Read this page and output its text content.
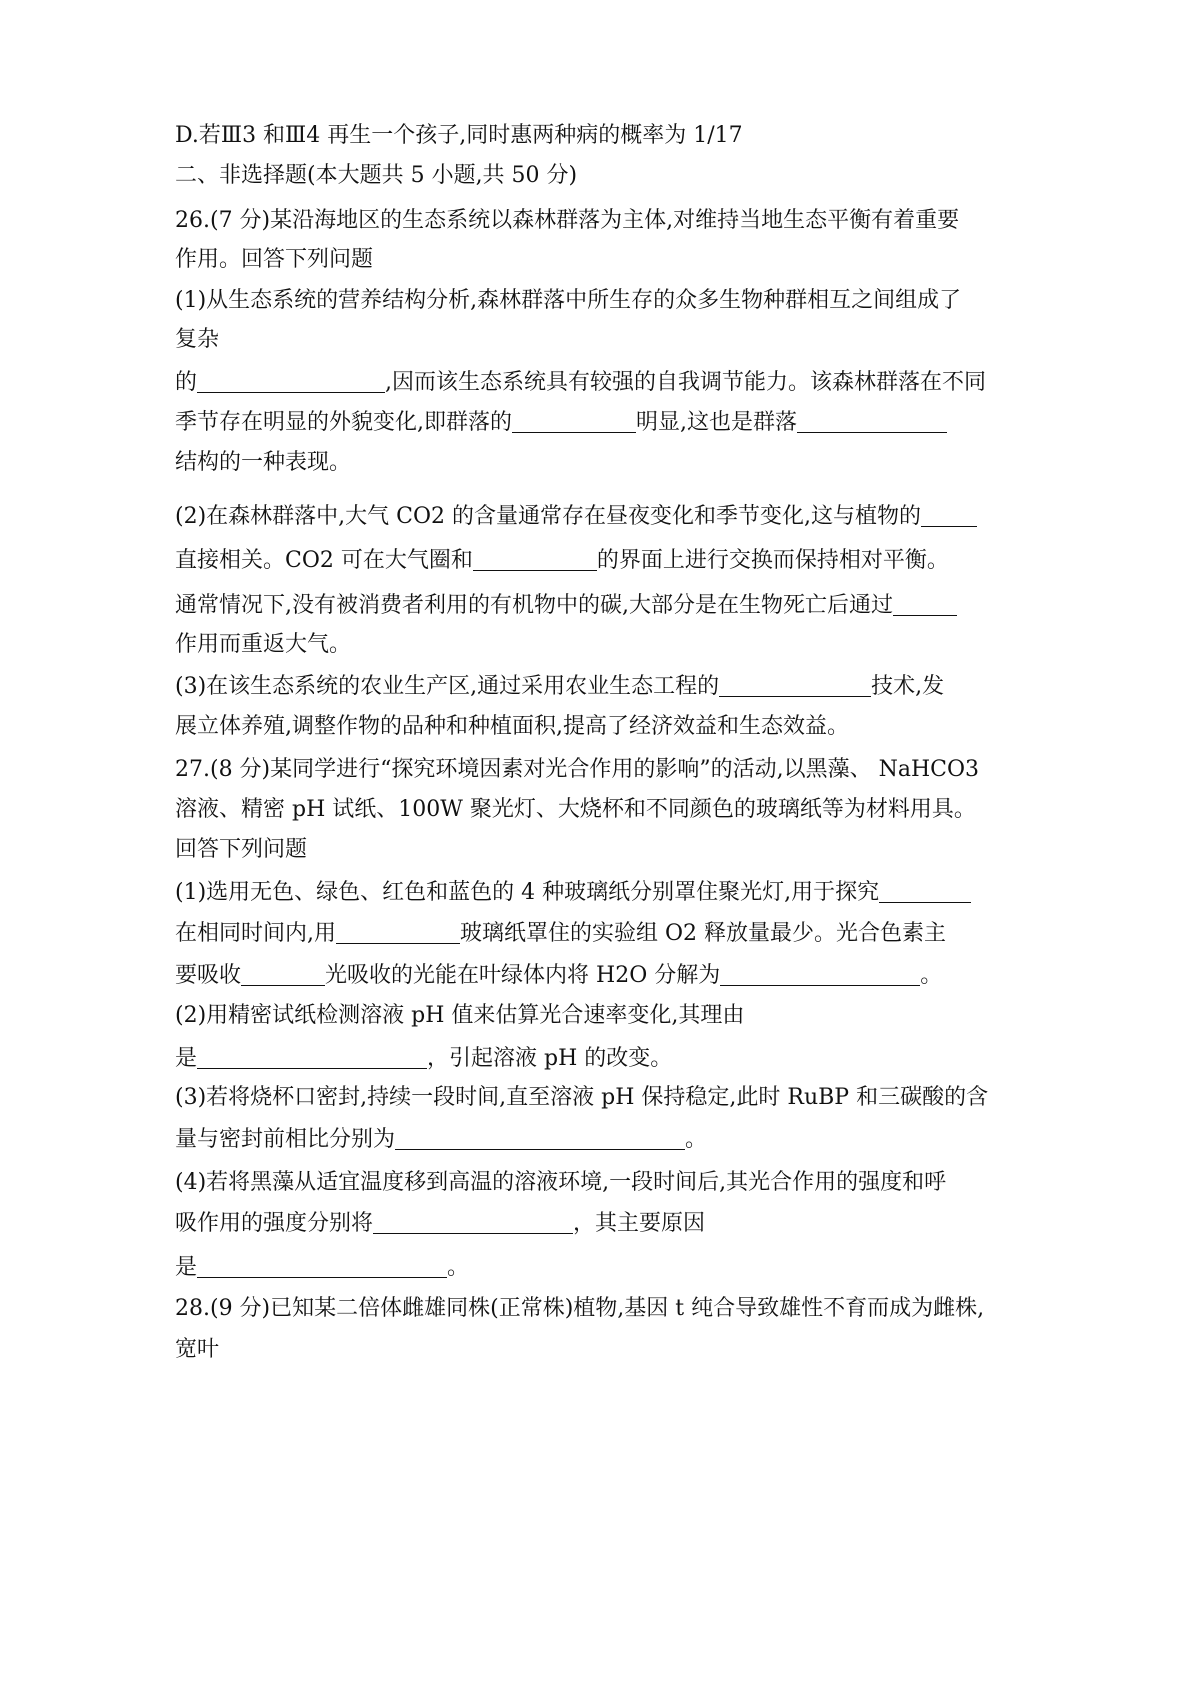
D.若Ⅲ3 和Ⅲ4 再生一个孩子,同时惠两种病的概率为 1/17
二、非选择题(本大题共 5 小题,共 50 分)
26.(7 分)某沿海地区的生态系统以森林群落为主体,对维持当地生态平衡有着重要
作用。回答下列问题
(1)从生态系统的营养结构分析,森林群落中所生存的众多生物种群相互之间组成了
复杂
的	,因而该生态系统具有较强的自我调节能力。该森林群落在不同
季节存在明显的外貌变化,即群落的	明显,这也是群落
结构的一种表现。
(2)在森林群落中,大气 CO2 的含量通常存在昼夜变化和季节变化,这与植物的
直接相关。CO2 可在大气圈和	的界面上进行交换而保持相对平衡。
通常情况下,没有被消费者利用的有机物中的碳,大部分是在生物死亡后通过
作用而重返大气。
(3)在该生态系统的农业生产区,通过采用农业生态工程的	技术,发
展立体养殖,调整作物的品种和种植面积,提高了经济效益和生态效益。
27.(8 分)某同学进行“探究环境因素对光合作用的影响”的活动,以黑藻、 NaHCO3
溶液、精密 pH 试纸、100W 聚光灯、大烧杯和不同颜色的玻璃纸等为材料用具。
回答下列问题
(1)选用无色、绿色、红色和蓝色的 4 种玻璃纸分别罩住聚光灯,用于探究
在相同时间内,用	玻璃纸罩住的实验组 O2 释放量最少。光合色素主
要吸收	光吸收的光能在叶绿体内将 H2O 分解为	。
(2)用精密试纸检测溶液 pH 值来估算光合速率变化,其理由
是	，引起溶液 pH 的改变。
(3)若将烧杯口密封,持续一段时间,直至溶液 pH 保持稳定,此时 RuBP 和三碳酸的含
量与密封前相比分别为	。
(4)若将黑藻从适宜温度移到高温的溶液环境,一段时间后,其光合作用的强度和呼
吸作用的强度分别将	，其主要原因
是	。
28.(9 分)已知某二倍体雌雄同株(正常株)植物,基因 t 纯合导致雄性不育而成为雌株,
宽叶
